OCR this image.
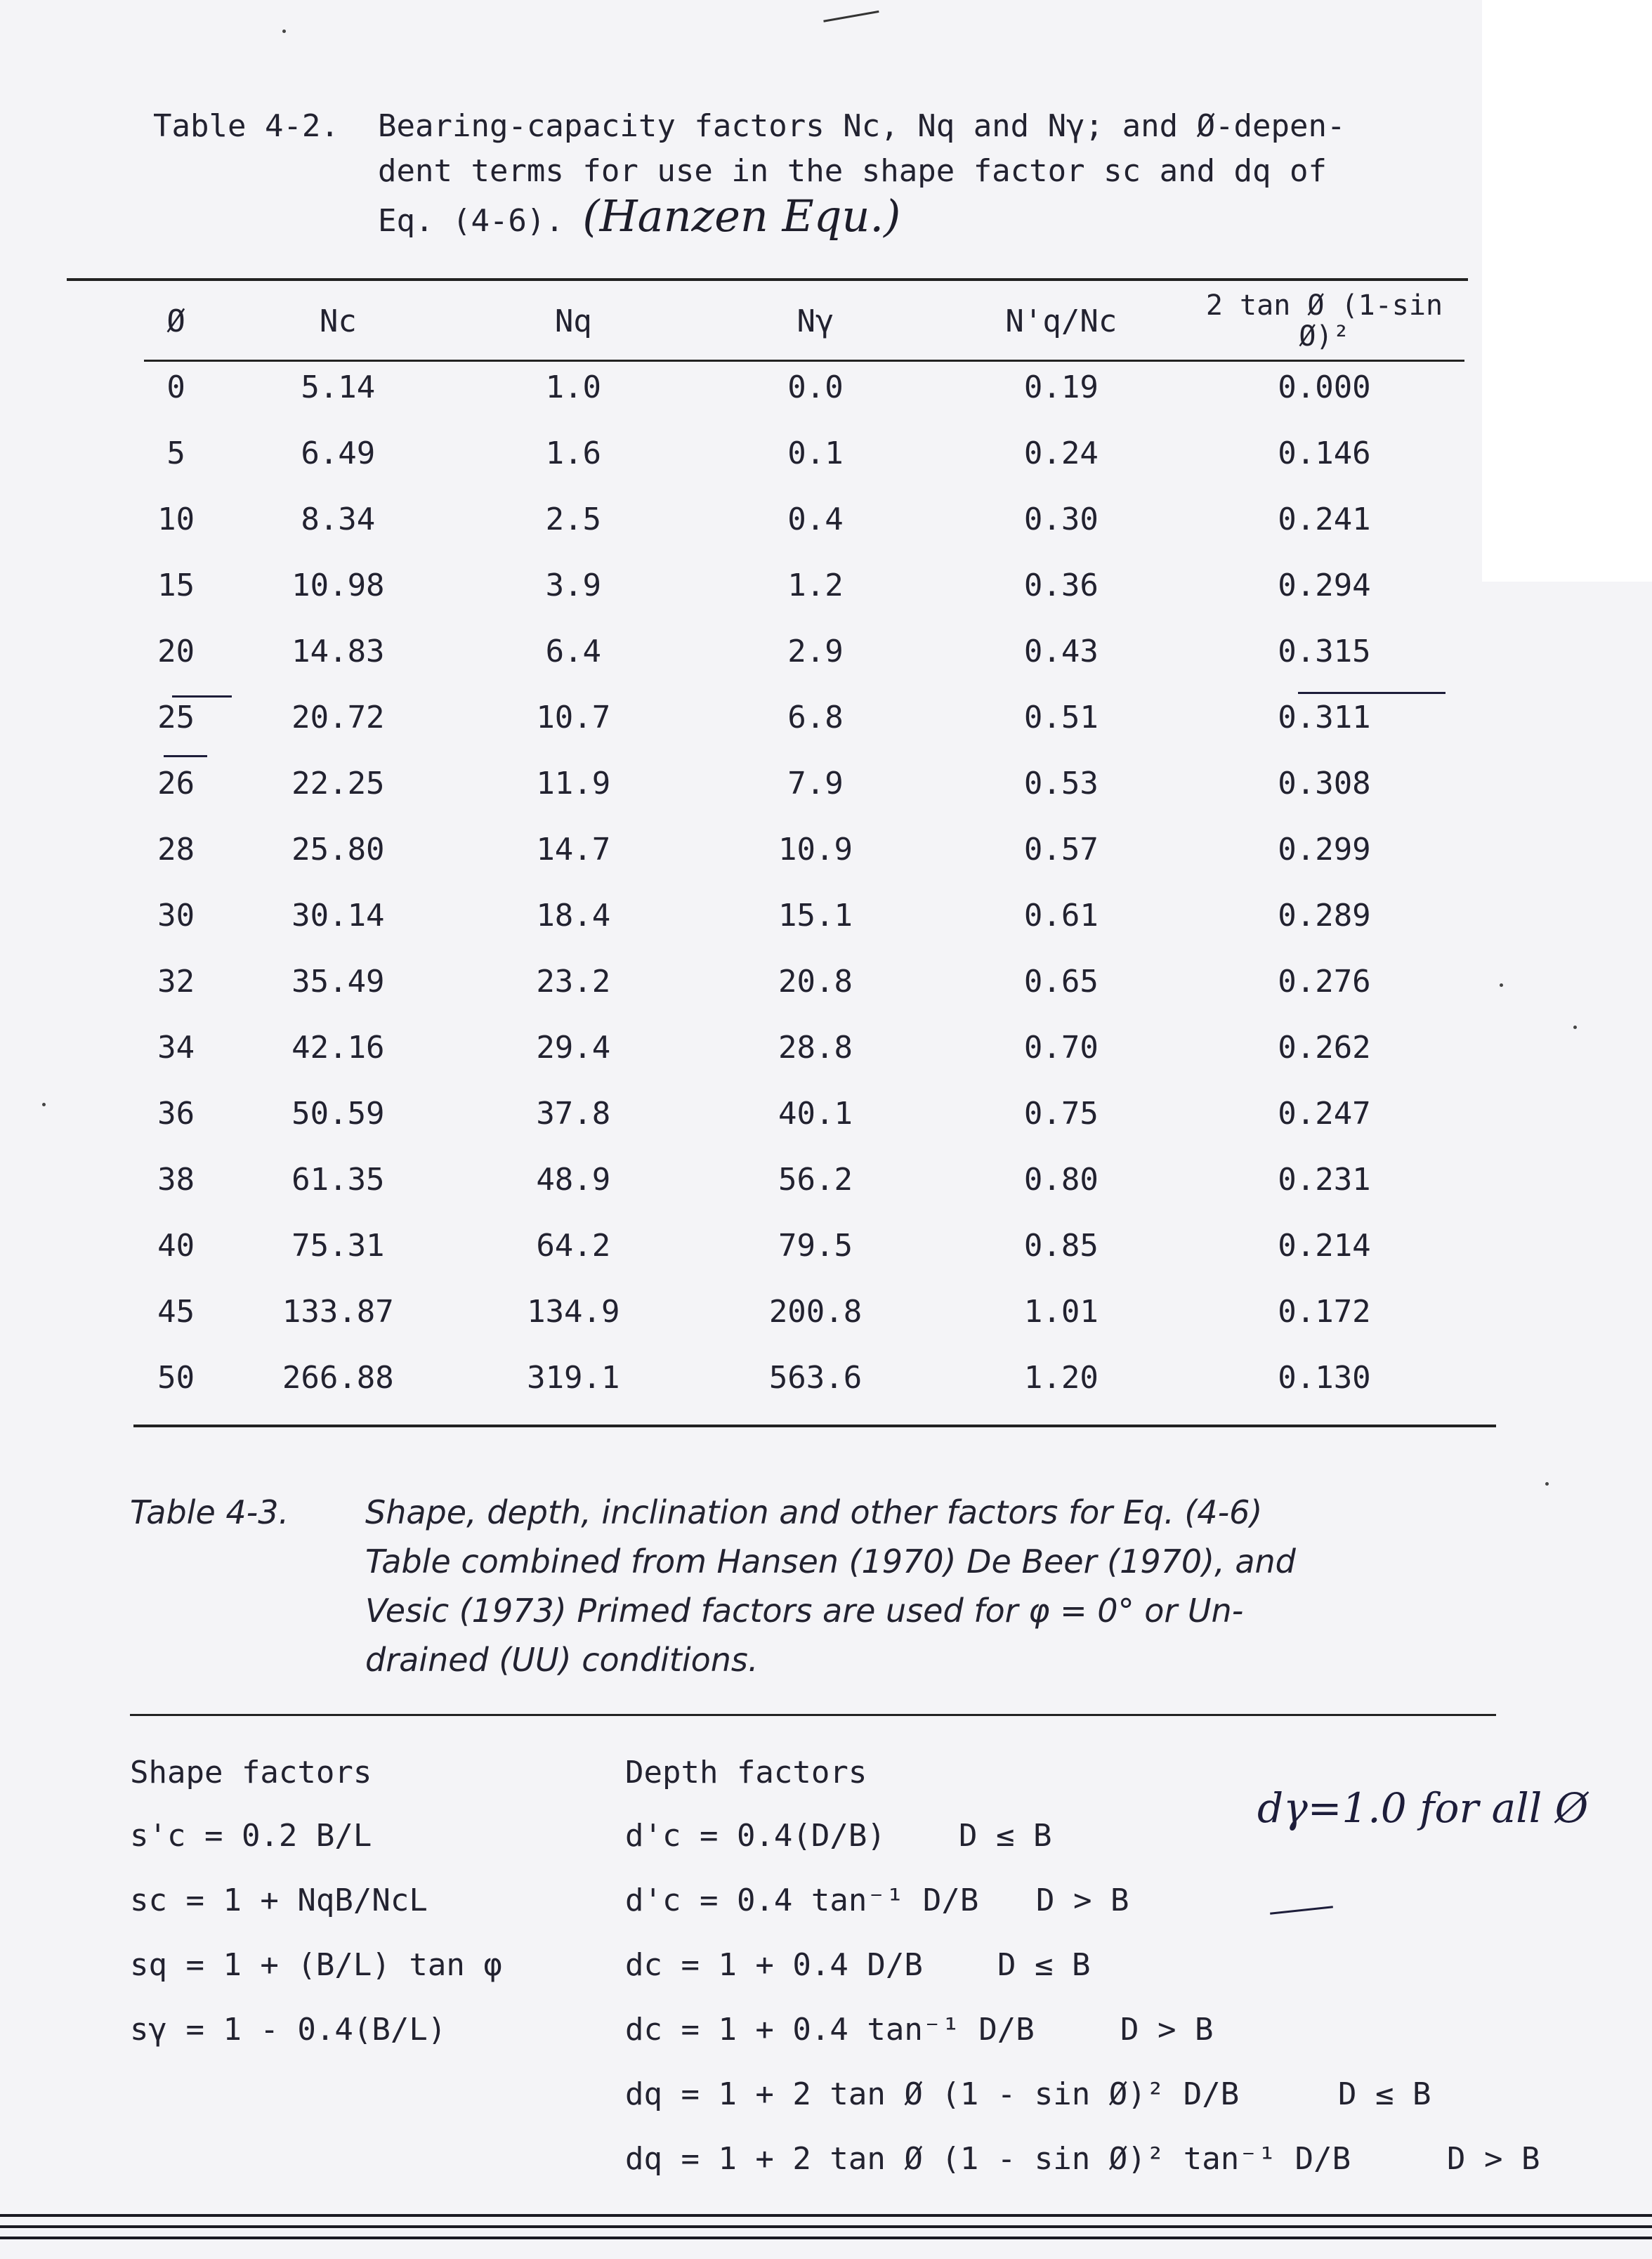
Table 4-2. Bearing-capacity factors Nc, Nq and Nγ; and Ø-depen-
dent terms for use in the shape factor sc and dq of
Eq. (4-6). (Hanzen Equ.)
Ø	Nc	Nq	Nγ	N'q/Nc	2 tan Ø (1-sin Ø)²
0	5.14	1.0	0.0	0.19	0.000
5	6.49	1.6	0.1	0.24	0.146
10	8.34	2.5	0.4	0.30	0.241
15	10.98	3.9	1.2	0.36	0.294
20	14.83	6.4	2.9	0.43	0.315
25	20.72	10.7	6.8	0.51	0.311
26	22.25	11.9	7.9	0.53	0.308
28	25.80	14.7	10.9	0.57	0.299
30	30.14	18.4	15.1	0.61	0.289
32	35.49	23.2	20.8	0.65	0.276
34	42.16	29.4	28.8	0.70	0.262
36	50.59	37.8	40.1	0.75	0.247
38	61.35	48.9	56.2	0.80	0.231
40	75.31	64.2	79.5	0.85	0.214
45	133.87	134.9	200.8	1.01	0.172
50	266.88	319.1	563.6	1.20	0.130
Table 4-3. Shape, depth, inclination and other factors for Eq. (4-6)
Table combined from Hansen (1970) De Beer (1970), and
Vesic (1973) Primed factors are used for φ = 0° or Un-
drained (UU) conditions.
Shape factors	Depth factors
s'c = 0.2 B/L
sc = 1 + NqB/NcL
sq = 1 + (B/L) tan φ
sγ = 1 - 0.4(B/L)
d'c = 0.4(D/B) D ≤ B
d'c = 0.4 tan⁻¹ D/B D > B
dc = 1 + 0.4 D/B D ≤ B
dc = 1 + 0.4 tan⁻¹ D/B	D > B
dq = 1 + 2 tan Ø (1 - sin Ø)² D/B	D ≤ B
dq = 1 + 2 tan Ø (1 - sin Ø)² tan⁻¹ D/B	D > B
dγ=1.0 for all Ø
